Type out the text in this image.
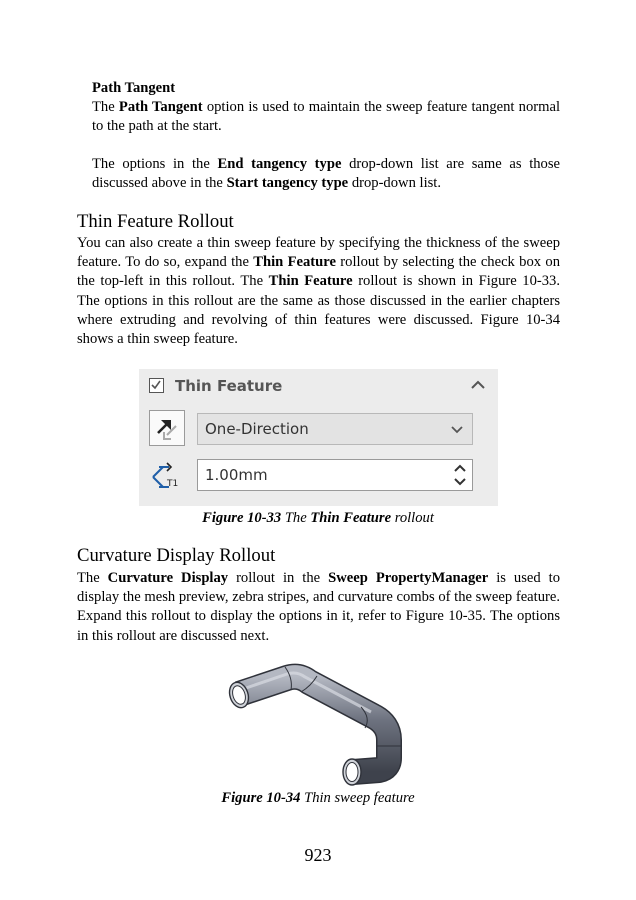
Path Tangent
The Path Tangent option is used to maintain the sweep feature tangent normal to the path at the start.
The options in the End tangency type drop-down list are same as those discussed above in the Start tangency type drop-down list.
Thin Feature Rollout
You can also create a thin sweep feature by specifying the thickness of the sweep feature. To do so, expand the Thin Feature rollout by selecting the check box on the top-left in this rollout. The Thin Feature rollout is shown in Figure 10-33. The options in this rollout are the same as those discussed in the earlier chapters where extruding and revolving of thin features were discussed. Figure 10-34 shows a thin sweep feature.
Thin Feature
One-Direction
T1 1.00mm
Figure 10-33 The Thin Feature rollout
Curvature Display Rollout
The Curvature Display rollout in the Sweep PropertyManager is used to display the mesh preview, zebra stripes, and curvature combs of the sweep feature. Expand this rollout to display the options in it, refer to Figure 10-35. The options in this rollout are discussed next.
Figure 10-34 Thin sweep feature
923
